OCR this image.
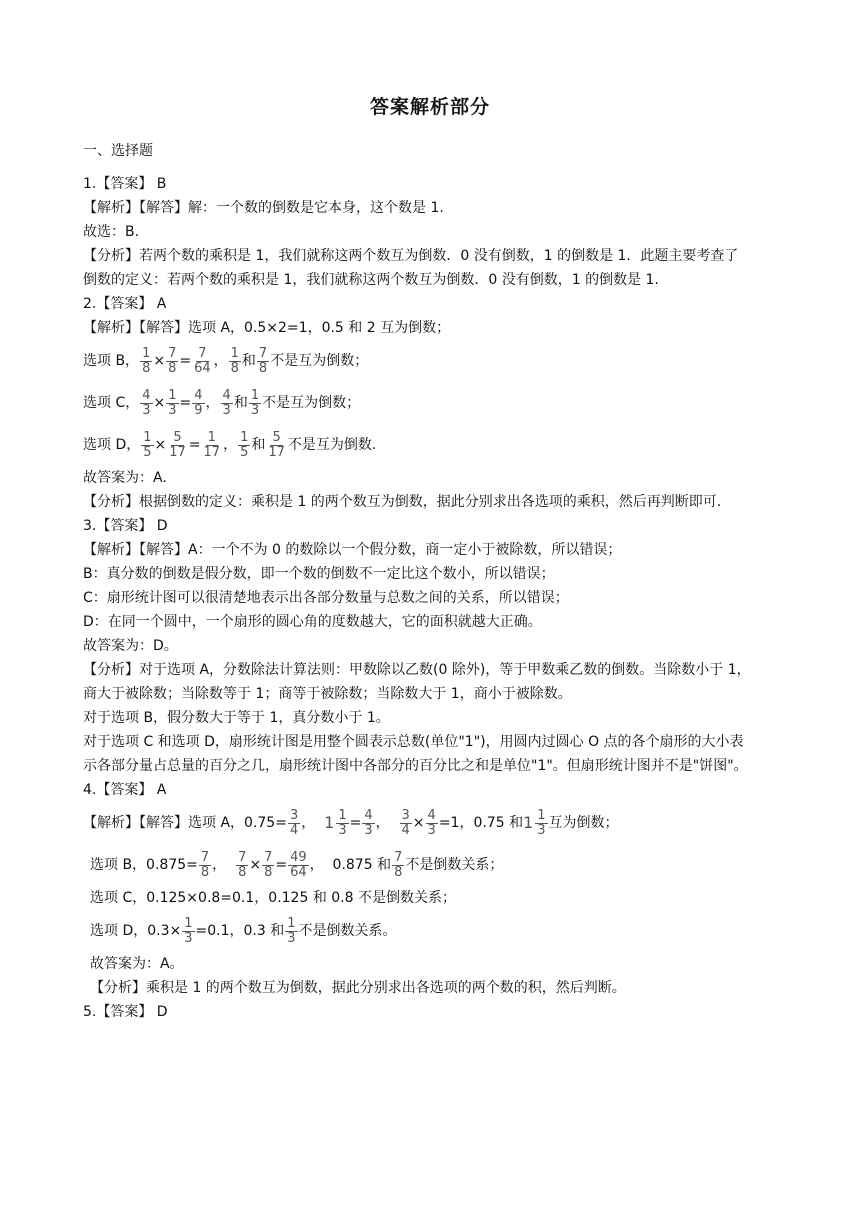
答案解析部分
一、选择题
1.【答案】 B
【解析】【解答】解：一个数的倒数是它本身，这个数是 1.
故选：B.
【分析】若两个数的乘积是 1，我们就称这两个数互为倒数．0 没有倒数，1 的倒数是 1．此题主要考查了
倒数的定义：若两个数的乘积是 1，我们就称这两个数互为倒数．0 没有倒数，1 的倒数是 1.
2.【答案】 A
【解析】【解答】选项 A，0.5×2=1，0.5 和 2 互为倒数；
选项 B， $\frac{1}{8} \times \frac{7}{8} = \frac{7}{64}$ ， $\frac{1}{8}$ 和 $\frac{7}{8}$ 不是互为倒数；
选项 C， $\frac{4}{3} \times \frac{1}{3} = \frac{4}{9}$ ， $\frac{4}{3}$ 和 $\frac{1}{3}$ 不是互为倒数；
选项 D， $\frac{1}{5} \times \frac{5}{17} = \frac{1}{17}$ ， $\frac{1}{5}$ 和 $\frac{5}{17}$ 不是互为倒数.
故答案为：A.
【分析】根据倒数的定义：乘积是 1 的两个数互为倒数，据此分别求出各选项的乘积，然后再判断即可.
3.【答案】 D
【解析】【解答】A：一个不为 0 的数除以一个假分数，商一定小于被除数，所以错误；
B：真分数的倒数是假分数，即一个数的倒数不一定比这个数小，所以错误；
C：扇形统计图可以很清楚地表示出各部分数量与总数之间的关系，所以错误；
D：在同一个圆中，一个扇形的圆心角的度数越大，它的面积就越大正确。
故答案为：D。
【分析】对于选项 A，分数除法计算法则：甲数除以乙数(0 除外)，等于甲数乘乙数的倒数。当除数小于 1，
商大于被除数；当除数等于 1；商等于被除数；当除数大于 1，商小于被除数。
对于选项 B，假分数大于等于 1，真分数小于 1。
对于选项 C 和选项 D，扇形统计图是用整个圆表示总数(单位"1")，用圆内过圆心 O 点的各个扇形的大小表
示各部分量占总量的百分之几，扇形统计图中各部分的百分比之和是单位"1"。但扇形统计图并不是"饼图"。
4.【答案】 A
【解析】【解答】选项 A，$0.75= \frac{3}{4}$ ， $1 \frac{1}{3} = \frac{4}{3}$ ， $\frac{3}{4} \times \frac{4}{3} =1$，0.75 和 $1 \frac{1}{3}$ 互为倒数；
选项 B，$0.875= \frac{7}{8}$ ， $\frac{7}{8} \times \frac{7}{8} = \frac{49}{64}$ ，  0.875 和 $\frac{7}{8}$ 不是倒数关系；
选项 C，0.125×0.8=0.1，0.125 和 0.8 不是倒数关系；
选项 D，$0.3\times \frac{1}{3} =0.1$，0.3 和 $\frac{1}{3}$ 不是倒数关系。
故答案为：A。
【分析】乘积是 1 的两个数互为倒数，据此分别求出各选项的两个数的积，然后判断。
5.【答案】 D
